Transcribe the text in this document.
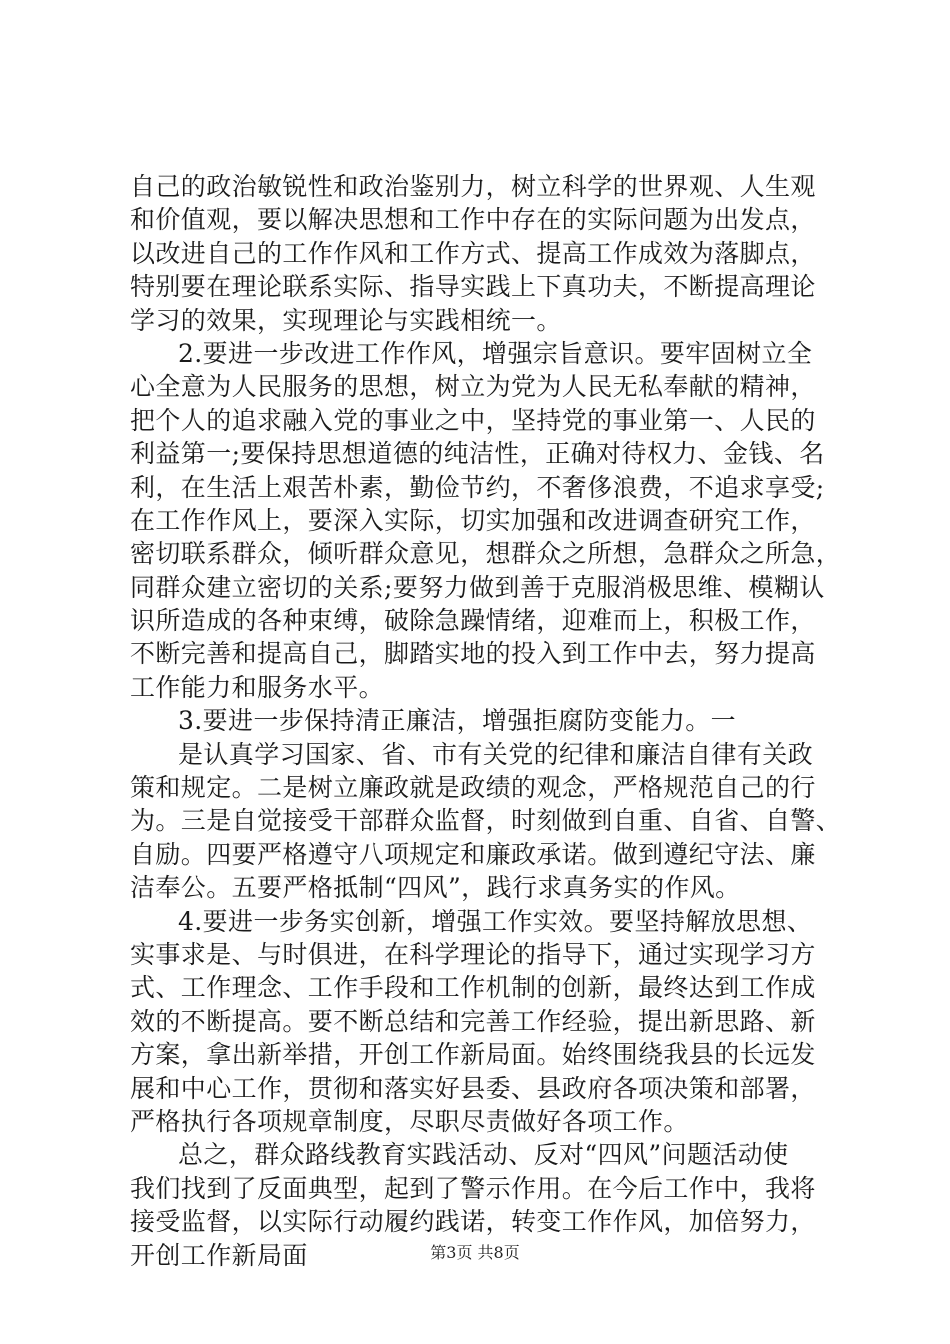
自己的政治敏锐性和政治鉴别力，树立科学的世界观、人生观
和价值观，要以解决思想和工作中存在的实际问题为出发点，
以改进自己的工作作风和工作方式、提高工作成效为落脚点，
特别要在理论联系实际、指导实践上下真功夫，不断提高理论
学习的效果，实现理论与实践相统一。
2.要进一步改进工作作风，增强宗旨意识。要牢固树立全
心全意为人民服务的思想，树立为党为人民无私奉献的精神，
把个人的追求融入党的事业之中，坚持党的事业第一、人民的
利益第一;要保持思想道德的纯洁性，正确对待权力、金钱、名
利，在生活上艰苦朴素，勤俭节约，不奢侈浪费，不追求享受;
在工作作风上，要深入实际，切实加强和改进调查研究工作，
密切联系群众，倾听群众意见，想群众之所想，急群众之所急，
同群众建立密切的关系;要努力做到善于克服消极思维、模糊认
识所造成的各种束缚，破除急躁情绪，迎难而上，积极工作，
不断完善和提高自己，脚踏实地的投入到工作中去，努力提高
工作能力和服务水平。
3.要进一步保持清正廉洁，增强拒腐防变能力。一
是认真学习国家、省、市有关党的纪律和廉洁自律有关政
策和规定。二是树立廉政就是政绩的观念，严格规范自己的行
为。三是自觉接受干部群众监督，时刻做到自重、自省、自警、
自励。四要严格遵守八项规定和廉政承诺。做到遵纪守法、廉
洁奉公。五要严格抵制“四风”，践行求真务实的作风。
4.要进一步务实创新，增强工作实效。要坚持解放思想、
实事求是、与时俱进，在科学理论的指导下，通过实现学习方
式、工作理念、工作手段和工作机制的创新，最终达到工作成
效的不断提高。要不断总结和完善工作经验，提出新思路、新
方案，拿出新举措，开创工作新局面。始终围绕我县的长远发
展和中心工作，贯彻和落实好县委、县政府各项决策和部署，
严格执行各项规章制度，尽职尽责做好各项工作。
总之，群众路线教育实践活动、反对“四风”问题活动使
我们找到了反面典型，起到了警示作用。在今后工作中，我将
接受监督，以实际行动履约践诺，转变工作作风，加倍努力，
开创工作新局面	第3页 共8页
